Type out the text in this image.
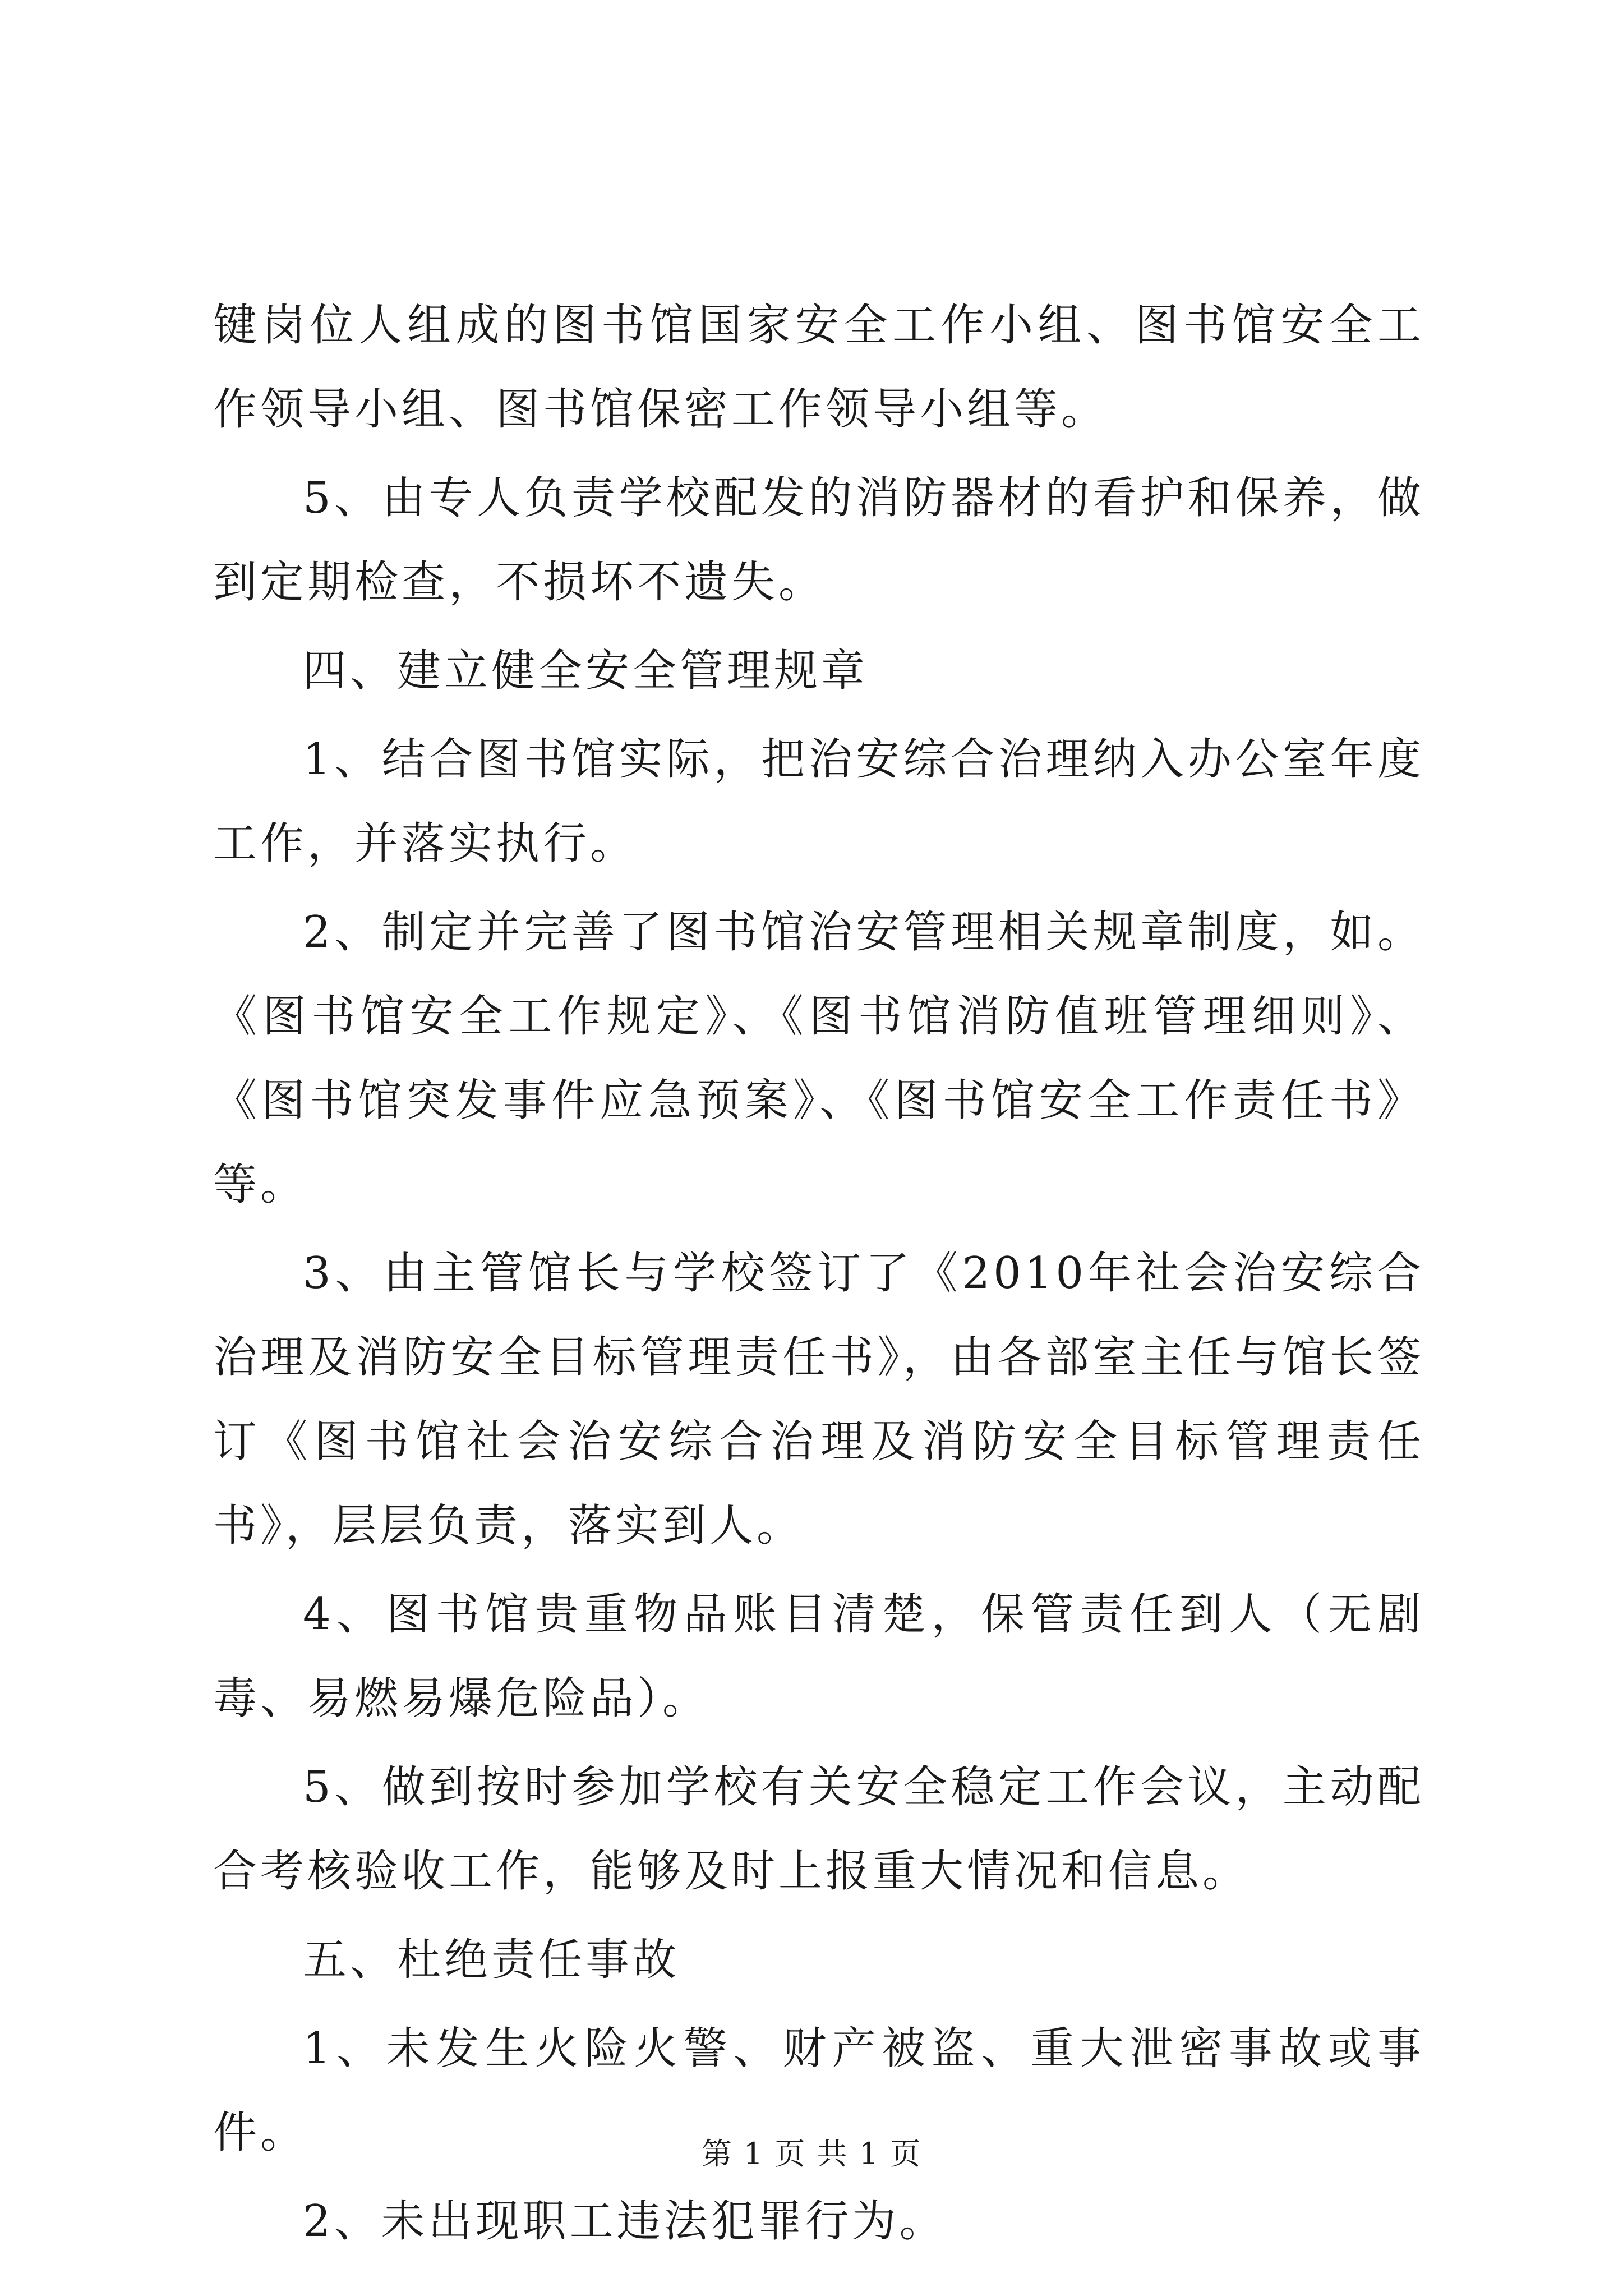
键岗位人组成的图书馆国家安全工作小组、图书馆安全工作领导小组、图书馆保密工作领导小组等。

5、由专人负责学校配发的消防器材的看护和保养，做到定期检查，不损坏不遗失。

四、建立健全安全管理规章

1、结合图书馆实际，把治安综合治理纳入办公室年度工作，并落实执行。

2、制定并完善了图书馆治安管理相关规章制度，如。《图书馆安全工作规定》、《图书馆消防值班管理细则》、《图书馆突发事件应急预案》、《图书馆安全工作责任书》等。

3、由主管馆长与学校签订了《2010年社会治安综合治理及消防安全目标管理责任书》，由各部室主任与馆长签订《图书馆社会治安综合治理及消防安全目标管理责任书》，层层负责，落实到人。

4、图书馆贵重物品账目清楚，保管责任到人（无剧毒、易燃易爆危险品）。

5、做到按时参加学校有关安全稳定工作会议，主动配合考核验收工作，能够及时上报重大情况和信息。

五、杜绝责任事故

1、未发生火险火警、财产被盗、重大泄密事故或事件。

2、未出现职工违法犯罪行为。

第 1 页 共 1 页
